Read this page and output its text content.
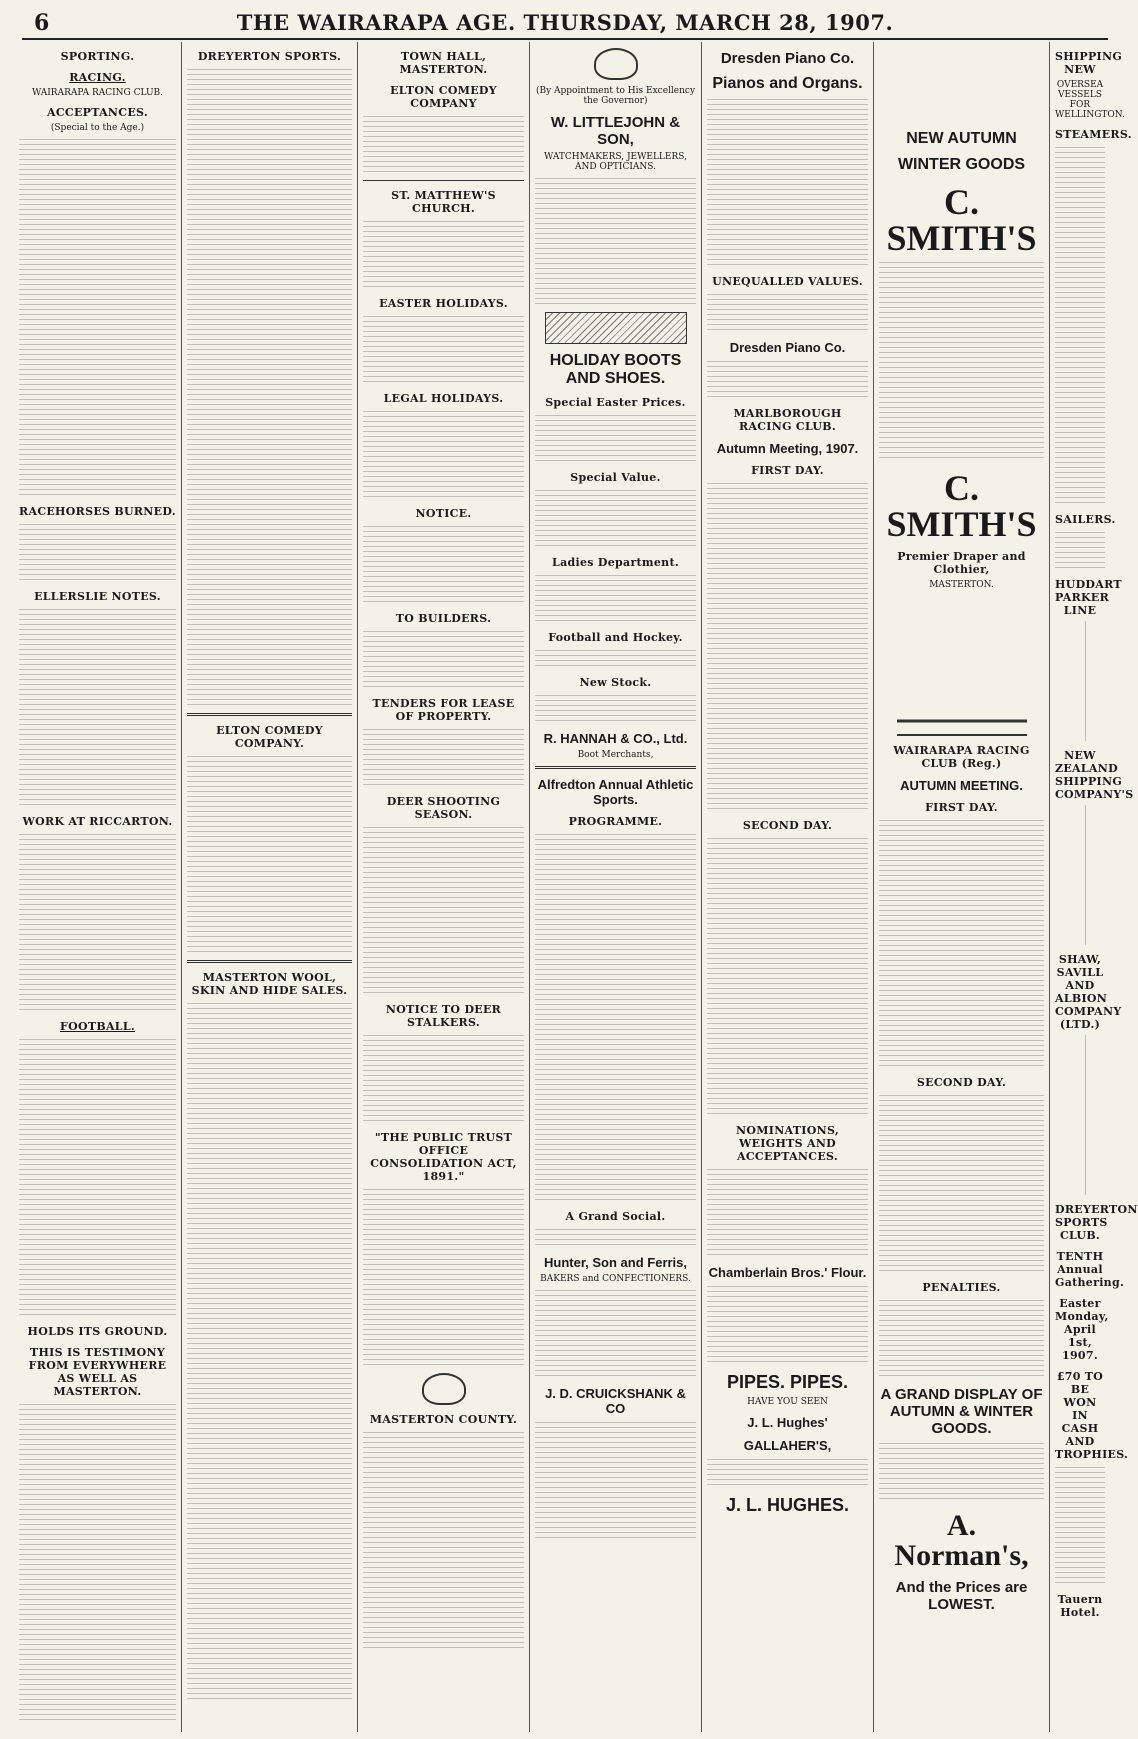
6	THE WAIRARAPA AGE. THURSDAY, MARCH 28, 1907.
SPORTING.
RACING.
WAIRARAPA RACING CLUB.
ACCEPTANCES.
(Special to the Age.)
RACEHORSES BURNED.
ELLERSLIE NOTES.
WORK AT RICCARTON.
FOOTBALL.
HOLDS ITS GROUND.
THIS IS TESTIMONY FROM EVERYWHERE AS WELL AS MASTERTON.
DREYERTON SPORTS.
ELTON COMEDY COMPANY.
MASTERTON WOOL, SKIN AND HIDE SALES.
TOWN HALL, MASTERTON.
ELTON COMEDY COMPANY
ST. MATTHEW'S CHURCH.
EASTER HOLIDAYS.
LEGAL HOLIDAYS.
NOTICE.
TO BUILDERS.
TENDERS FOR LEASE OF PROPERTY.
DEER SHOOTING SEASON.
NOTICE TO DEER STALKERS.
"THE PUBLIC TRUST OFFICE CONSOLIDATION ACT, 1891."
MASTERTON COUNTY.
(By Appointment to His Excellency the Governor)
W. LITTLEJOHN & SON,
WATCHMAKERS, JEWELLERS, AND OPTICIANS.
HOLIDAY BOOTS AND SHOES.
Special Easter Prices.
Special Value.
Ladies Department.
Football and Hockey.
New Stock.
R. HANNAH & CO., Ltd.
Boot Merchants,
Alfredton Annual Athletic Sports.
PROGRAMME.
A Grand Social.
Hunter, Son and Ferris,
BAKERS and CONFECTIONERS.
J. D. CRUICKSHANK & CO
Dresden Piano Co.
Pianos and Organs.
UNEQUALLED VALUES.
Dresden Piano Co.
MARLBOROUGH RACING CLUB.
Autumn Meeting, 1907.
FIRST DAY.
SECOND DAY.
NOMINATIONS, WEIGHTS AND ACCEPTANCES.
Chamberlain Bros.' Flour.
PIPES. PIPES.
HAVE YOU SEEN
J. L. Hughes'
GALLAHER'S,
J. L. HUGHES.
NEW AUTUMN
WINTER GOODS
C. SMITH'S
C. SMITH'S
Premier Draper and Clothier,
MASTERTON.
WAIRARAPA RACING CLUB (Reg.)
AUTUMN MEETING.
FIRST DAY.
SECOND DAY.
PENALTIES.
A GRAND DISPLAY OF AUTUMN & WINTER GOODS.
A. Norman's,
And the Prices are LOWEST.
SHIPPING NEW
OVERSEA VESSELS FOR WELLINGTON.
STEAMERS.
SAILERS.
HUDDART PARKER LINE
NEW ZEALAND SHIPPING COMPANY'S
SHAW, SAVILL AND ALBION COMPANY (LTD.)
DREYERTON SPORTS CLUB.
TENTH Annual Gathering.
Easter Monday, April 1st, 1907.
£70 TO BE WON IN CASH AND TROPHIES.
Tauern Hotel.
